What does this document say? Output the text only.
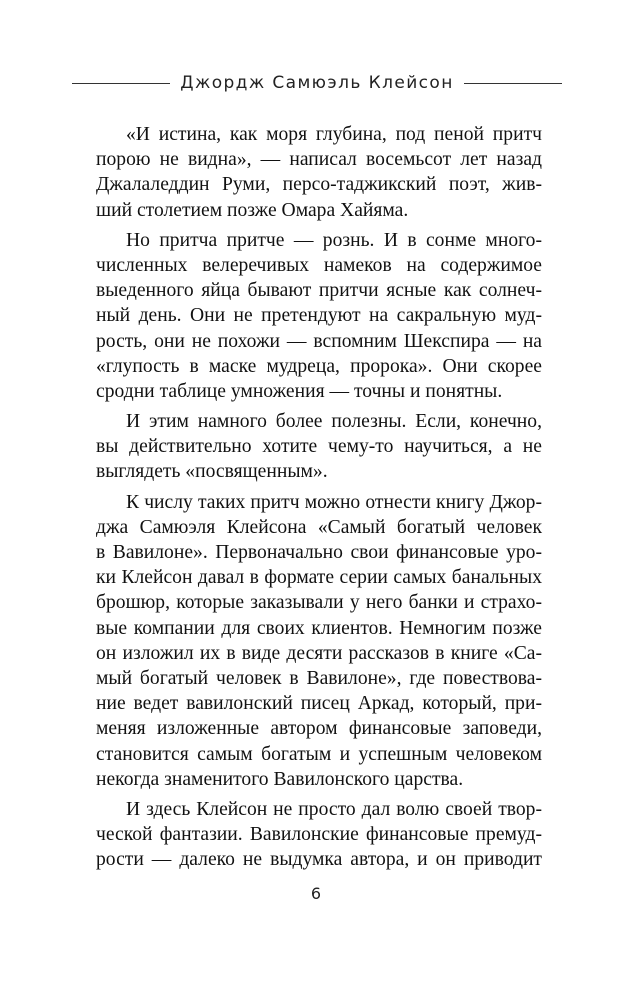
Джордж Самюэль Клейсон
«И истина, как моря глубина, под пеной притч
порою не видна», — написал восемьсот лет назад
Джалаледдин Руми, персо-таджикский поэт, жив-
ший столетием позже Омара Хайяма.
Но притча притче — рознь. И в сонме много-
численных велеречивых намеков на содержимое
выеденного яйца бывают притчи ясные как солнеч-
ный день. Они не претендуют на сакральную муд-
рость, они не похожи — вспомним Шекспира — на
«глупость в маске мудреца, пророка». Они скорее
сродни таблице умножения — точны и понятны.
И этим намного более полезны. Если, конечно,
вы действительно хотите чему-то научиться, а не
выглядеть «посвященным».
К числу таких притч можно отнести книгу Джор-
джа Самюэля Клейсона «Самый богатый человек
в Вавилоне». Первоначально свои финансовые уро-
ки Клейсон давал в формате серии самых банальных
брошюр, которые заказывали у него банки и страхо-
вые компании для своих клиентов. Немногим позже
он изложил их в виде десяти рассказов в книге «Са-
мый богатый человек в Вавилоне», где повествова-
ние ведет вавилонский писец Аркад, который, при-
меняя изложенные автором финансовые заповеди,
становится самым богатым и успешным человеком
некогда знаменитого Вавилонского царства.
И здесь Клейсон не просто дал волю своей твор-
ческой фантазии. Вавилонские финансовые премуд-
рости — далеко не выдумка автора, и он приводит
6
